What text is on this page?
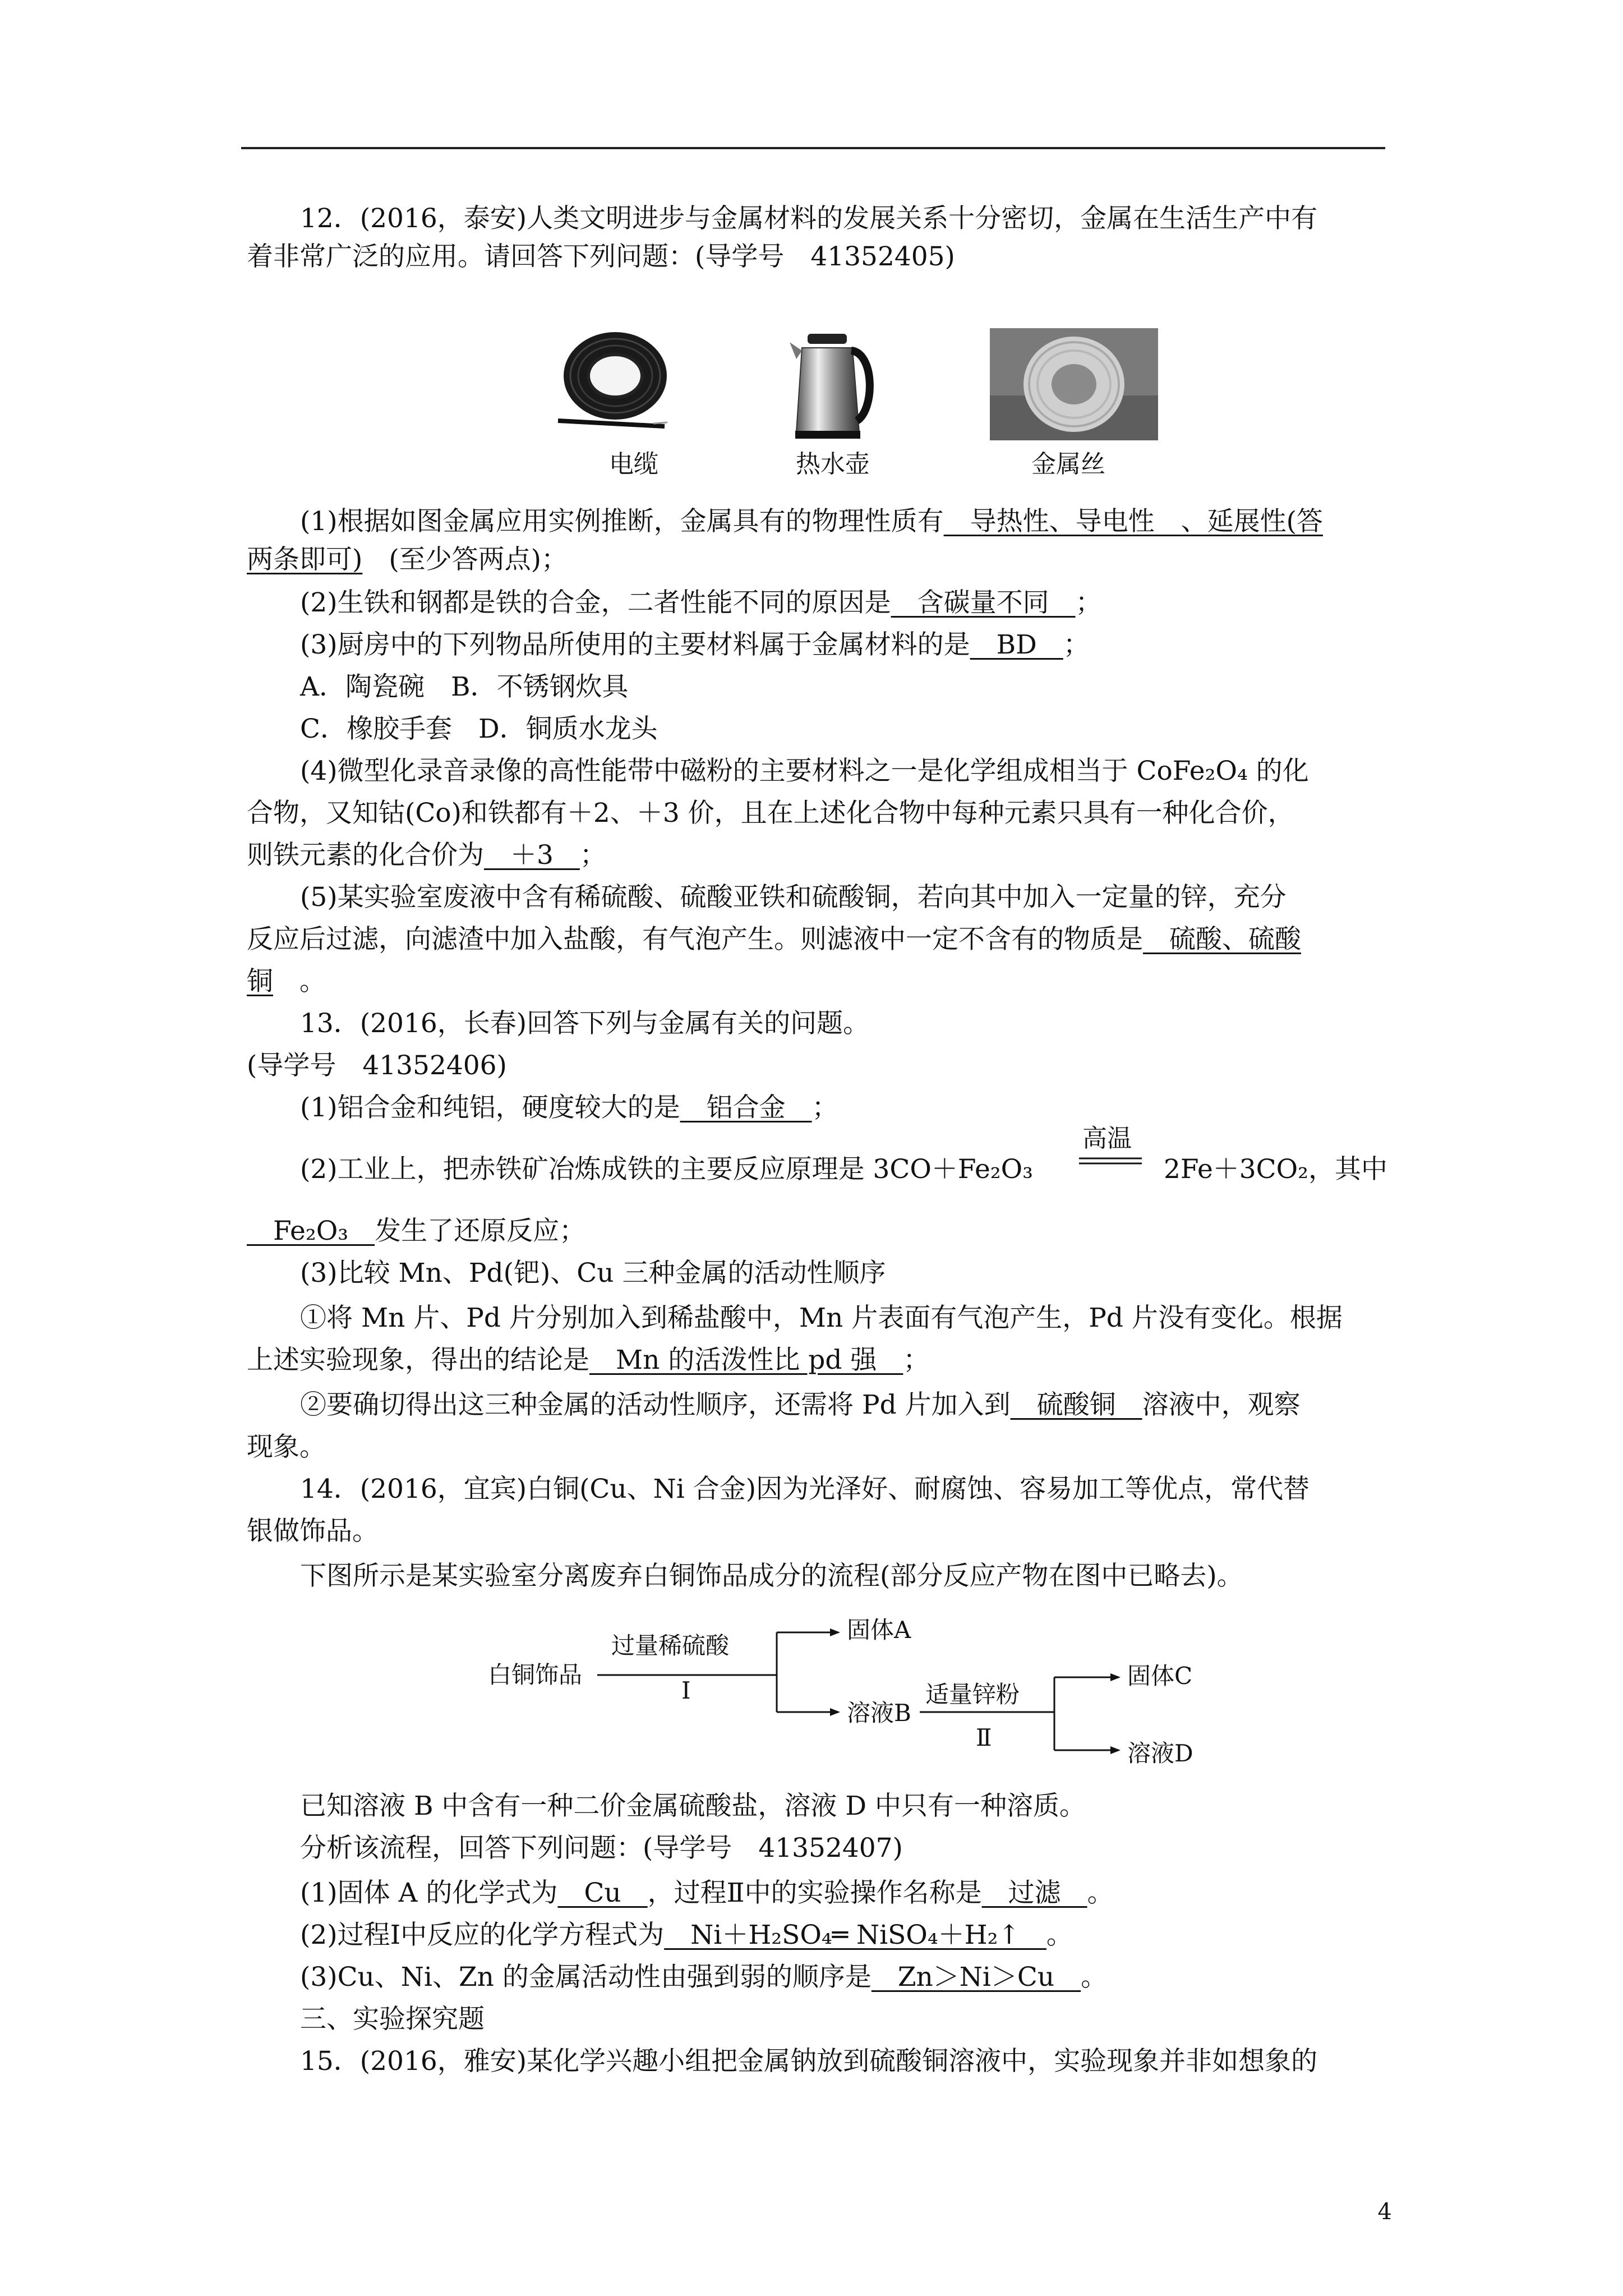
12．(2016，泰安)人类文明进步与金属材料的发展关系十分密切，金属在生活生产中有
着非常广泛的应用。请回答下列问题：(导学号　41352405)
电缆	热水壶	金属丝
(1)根据如图金属应用实例推断，金属具有的物理性质有　导热性、导电性　、延展性(答
两条即可)　(至少答两点)；
(2)生铁和钢都是铁的合金，二者性能不同的原因是　含碳量不同　；
(3)厨房中的下列物品所使用的主要材料属于金属材料的是　BD　；
A．陶瓷碗　B．不锈钢炊具
C．橡胶手套　D．铜质水龙头
(4)微型化录音录像的高性能带中磁粉的主要材料之一是化学组成相当于 CoFe₂O₄ 的化
合物，又知钴(Co)和铁都有＋2、＋3 价，且在上述化合物中每种元素只具有一种化合价，
则铁元素的化合价为　＋3　；
(5)某实验室废液中含有稀硫酸、硫酸亚铁和硫酸铜，若向其中加入一定量的锌，充分
反应后过滤，向滤渣中加入盐酸，有气泡产生。则滤液中一定不含有的物质是　硫酸、硫酸
铜　。
13．(2016，长春)回答下列与金属有关的问题。
(导学号　41352406)
(1)铝合金和纯铝，硬度较大的是　铝合金　；
(2)工业上，把赤铁矿冶炼成铁的主要反应原理是 3CO＋Fe₂O₃
高温
2Fe＋3CO₂，其中
　Fe₂O₃　发生了还原反应；
(3)比较 Mn、Pd(钯)、Cu 三种金属的活动性顺序
①将 Mn 片、Pd 片分别加入到稀盐酸中，Mn 片表面有气泡产生，Pd 片没有变化。根据
上述实验现象，得出的结论是　Mn 的活泼性比 pd 强　；
②要确切得出这三种金属的活动性顺序，还需将 Pd 片加入到　硫酸铜　溶液中，观察
现象。
14．(2016，宜宾)白铜(Cu、Ni 合金)因为光泽好、耐腐蚀、容易加工等优点，常代替
银做饰品。
下图所示是某实验室分离废弃白铜饰品成分的流程(部分反应产物在图中已略去)。
白铜饰品
过量稀硫酸
Ⅰ
固体A
溶液B
适量锌粉
Ⅱ
固体C
溶液D
已知溶液 B 中含有一种二价金属硫酸盐，溶液 D 中只有一种溶质。
分析该流程，回答下列问题：(导学号　41352407)
(1)固体 A 的化学式为　Cu　，过程Ⅱ中的实验操作名称是　过滤　。
(2)过程Ⅰ中反应的化学方程式为　Ni＋H₂SO₄═ NiSO₄＋H₂↑　。
(3)Cu、Ni、Zn 的金属活动性由强到弱的顺序是　Zn＞Ni＞Cu　。
三、实验探究题
15．(2016，雅安)某化学兴趣小组把金属钠放到硫酸铜溶液中，实验现象并非如想象的
4
